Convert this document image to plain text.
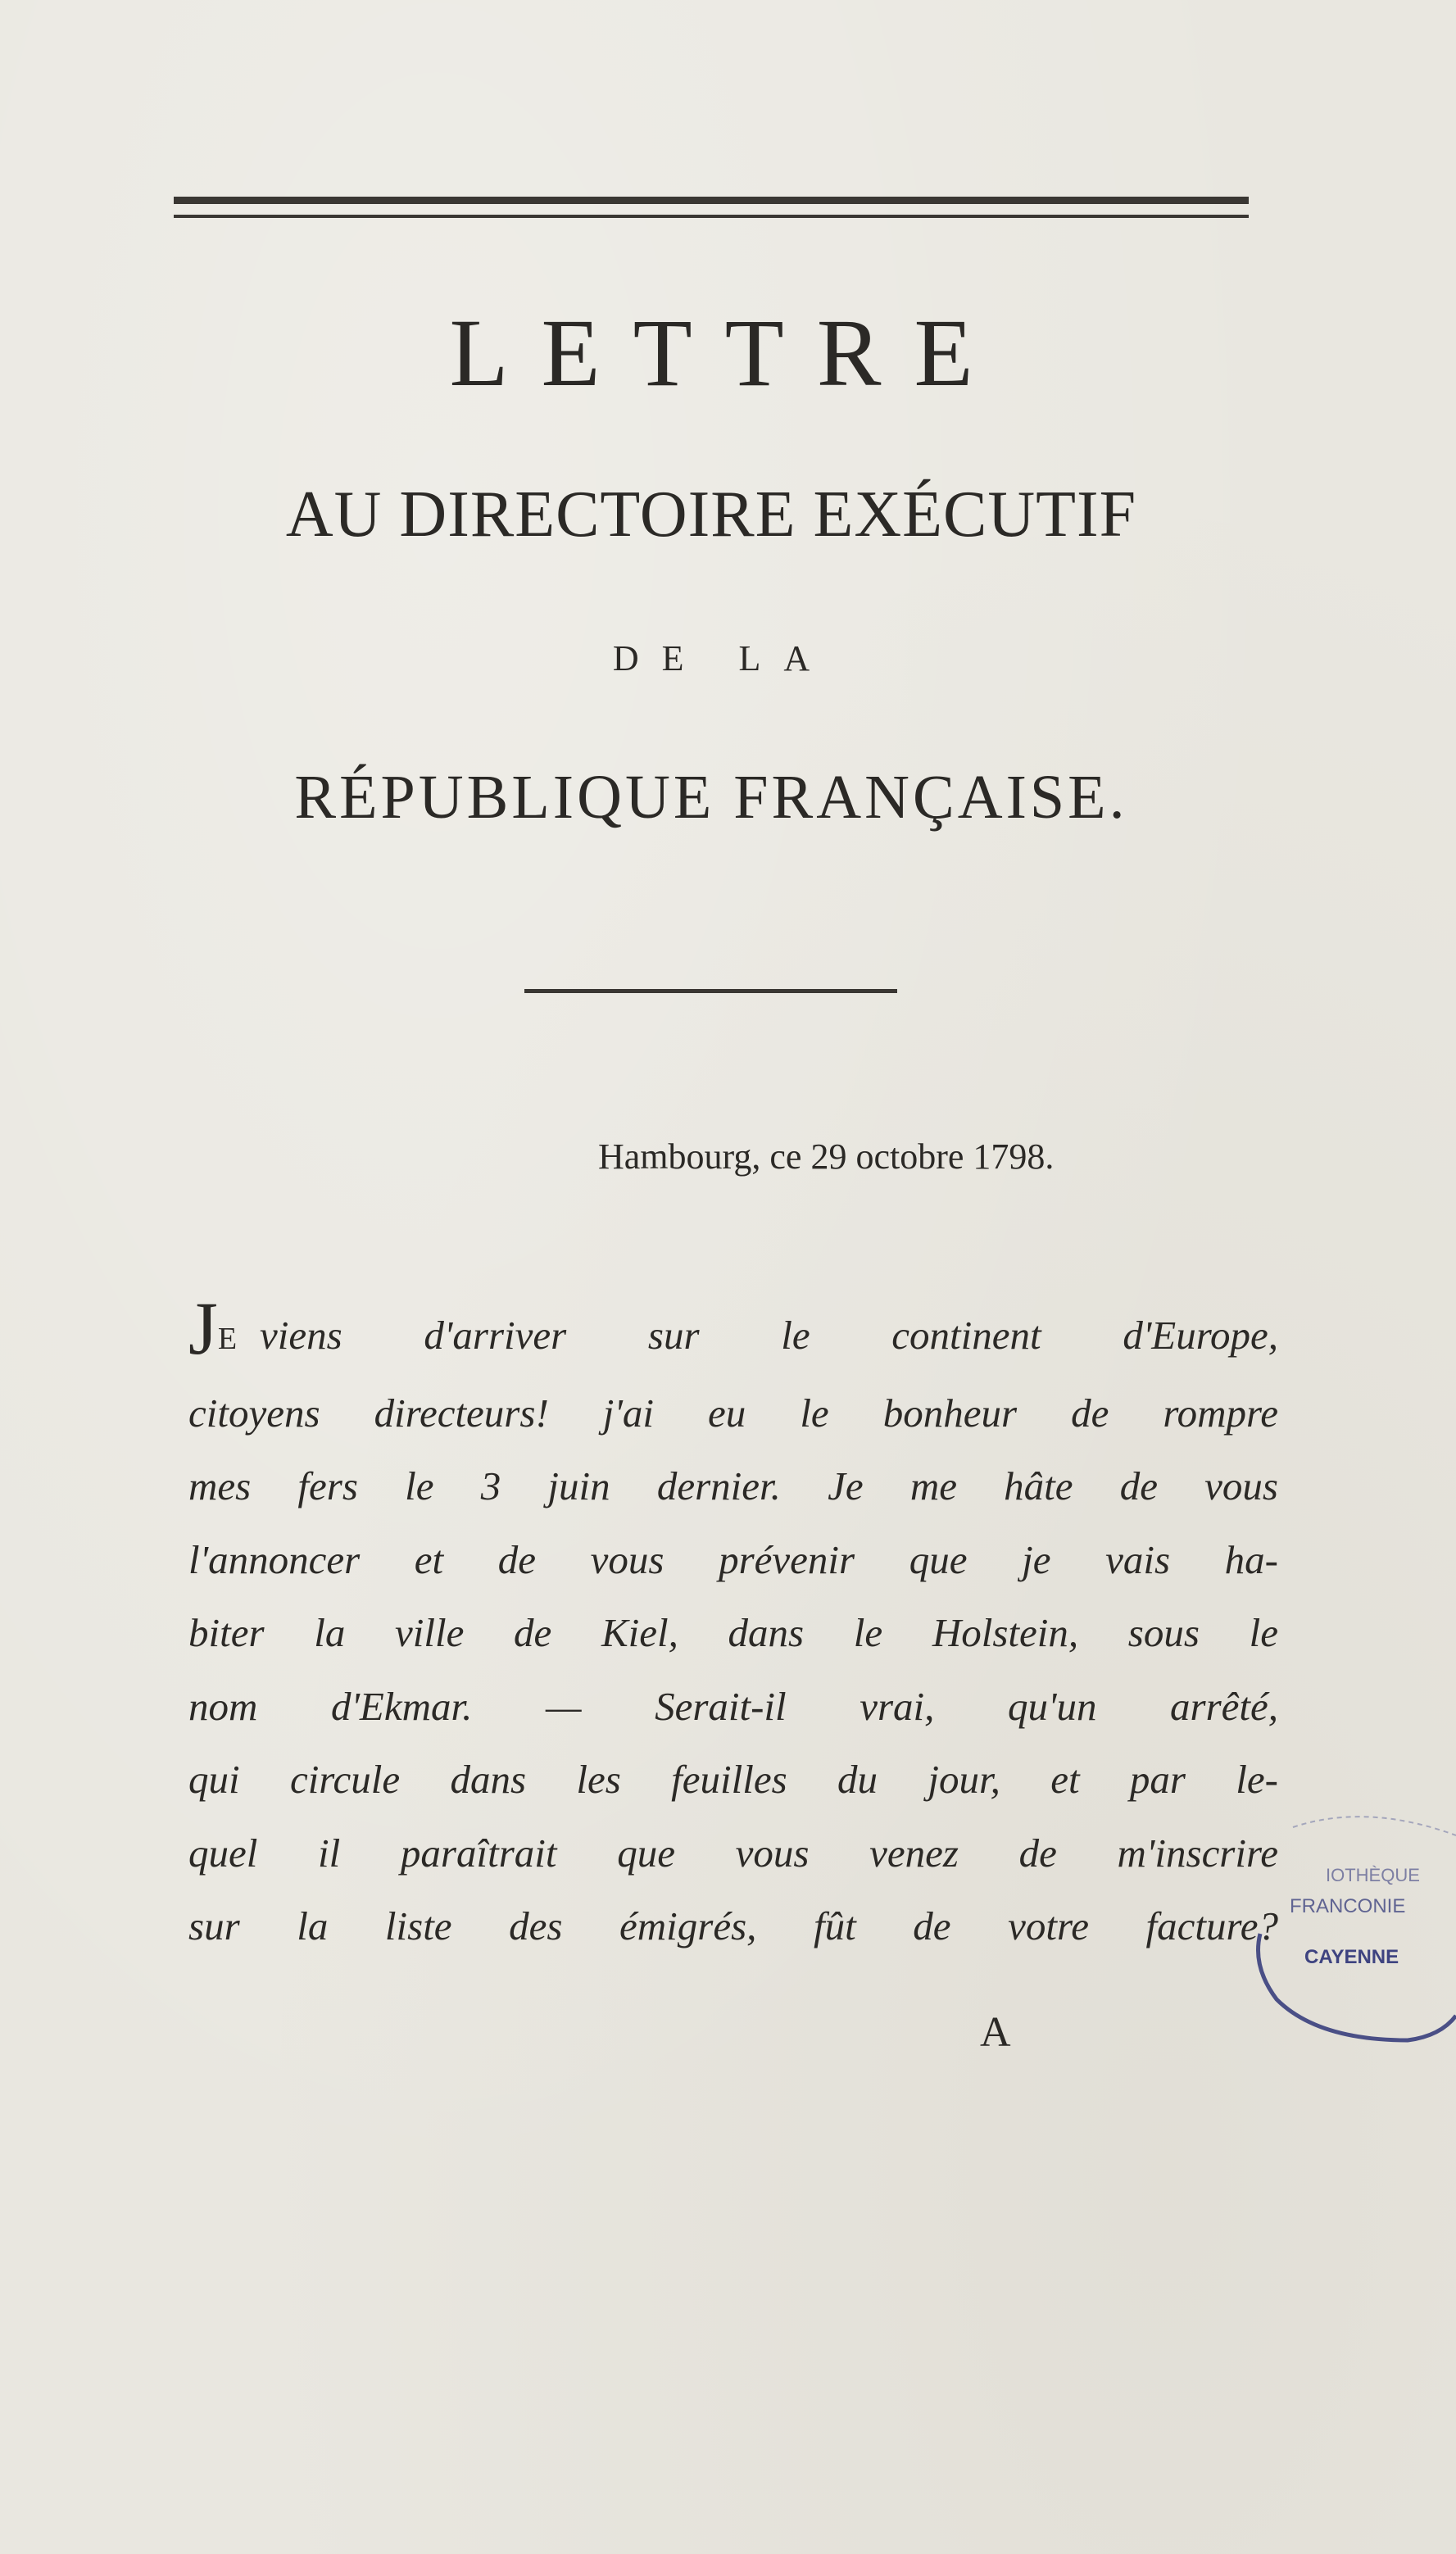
LETTRE
AU DIRECTOIRE EXÉCUTIF
DE LA
RÉPUBLIQUE FRANÇAISE.

Hambourg, ce 29 octobre 1798.

JE viens d'arriver sur le continent d'Europe,
citoyens directeurs! j'ai eu le bonheur de rompre
mes fers le 3 juin dernier. Je me hâte de vous
l'annoncer et de vous prévenir que je vais ha-
biter la ville de Kiel, dans le Holstein, sous le
nom d'Ekmar. — Serait-il vrai, qu'un arrêté,
qui circule dans les feuilles du jour, et par le-
quel il paraîtrait que vous venez de m'inscrire
sur la liste des émigrés, fût de votre facture?

A

IOTHÈQUE
FRANCONIE
CAYENNE
